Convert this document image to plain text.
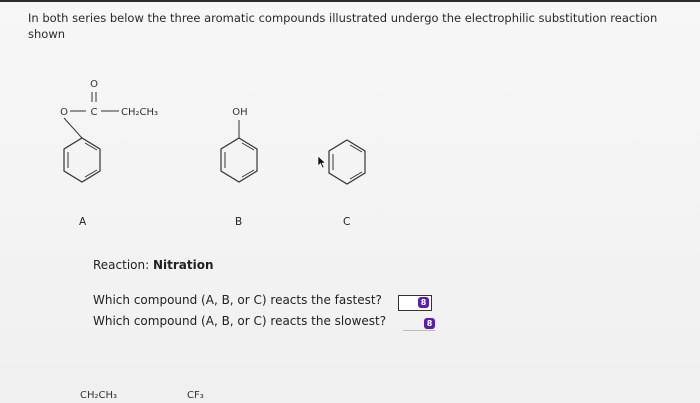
In both series below the three aromatic compounds illustrated undergo the electrophilic substitution reaction shown
O
O C CH₂CH₃	OH
A	B	C
Reaction: Nitration
Which compound (A, B, or C) reacts the fastest?	8
Which compound (A, B, or C) reacts the slowest?	8
CH₂CH₃	CF₃
